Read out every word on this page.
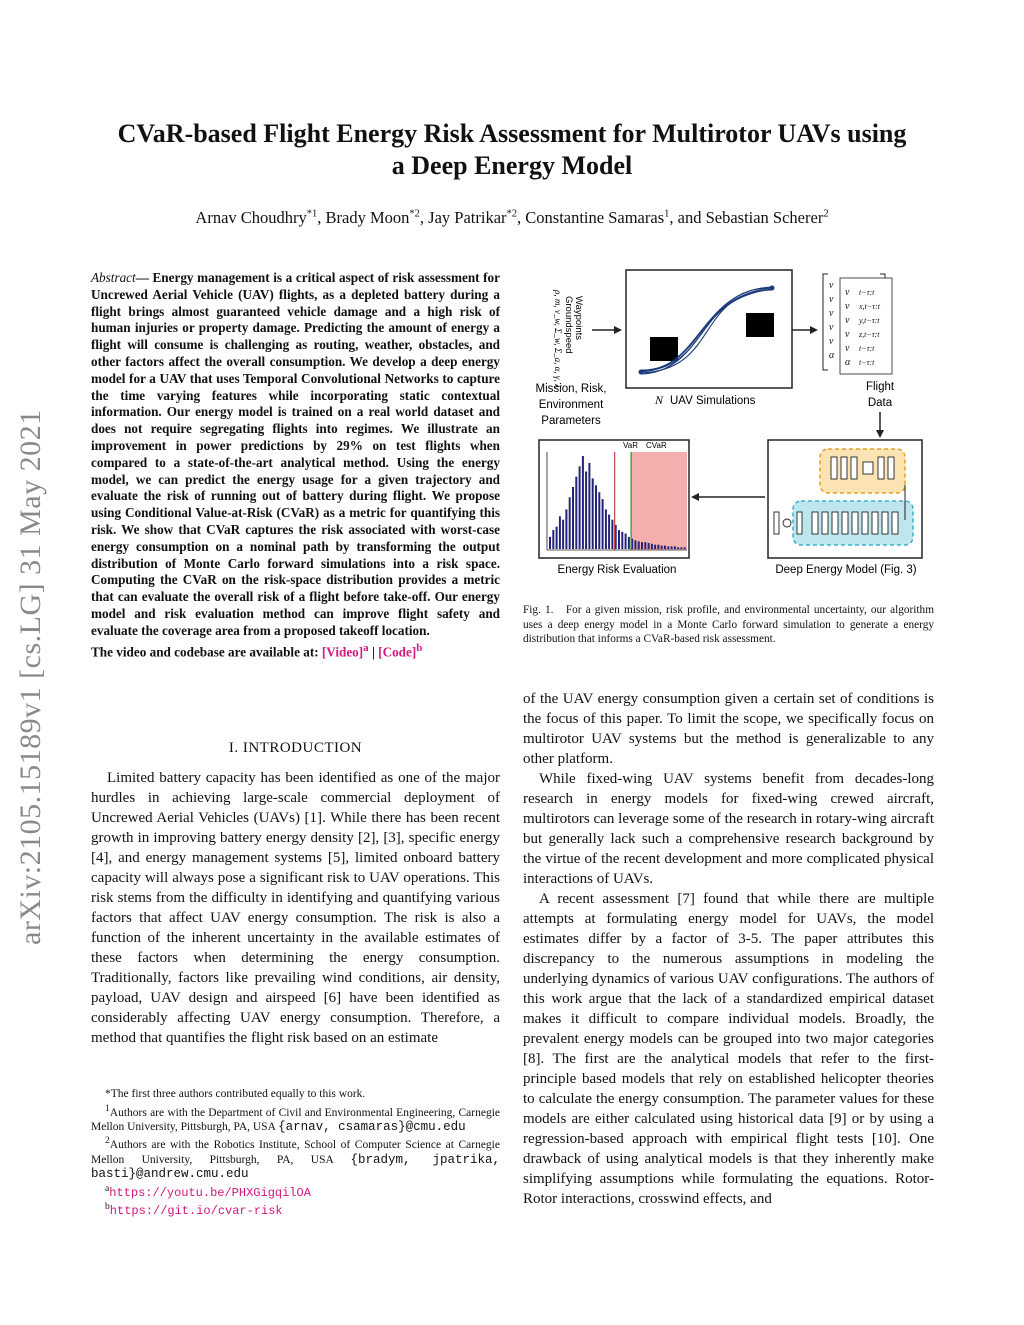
arXiv:2105.15189v1 [cs.LG] 31 May 2021
CVaR-based Flight Energy Risk Assessment for Multirotor UAVs using
a Deep Energy Model
Arnav Choudhry$^{*1}$, Brady Moon$^{*2}$, Jay Patrikar$^{*2}$, Constantine Samaras$^1$, and Sebastian Scherer$^2$
Abstract— Energy management is a critical aspect of risk assessment for Uncrewed Aerial Vehicle (UAV) flights, as a depleted battery during a flight brings almost guaranteed vehicle damage and a high risk of human injuries or property damage. Predicting the amount of energy a flight will consume is challenging as routing, weather, obstacles, and other factors affect the overall consumption. We develop a deep energy model for a UAV that uses Temporal Convolutional Networks to capture the time varying features while incorporating static contextual information. Our energy model is trained on a real world dataset and does not require segregating flights into regimes. We illustrate an improvement in power predictions by 29% on test flights when compared to a state-of-the-art analytical method. Using the energy model, we can predict the energy usage for a given trajectory and evaluate the risk of running out of battery during flight. We propose using Conditional Value-at-Risk (CVaR) as a metric for quantifying this risk. We show that CVaR captures the risk associated with worst-case energy consumption on a nominal path by transforming the output distribution of Monte Carlo forward simulations into a risk space. Computing the CVaR on the risk-space distribution provides a metric that can evaluate the overall risk of a flight before take-off. Our energy model and risk evaluation method can improve flight safety and evaluate the coverage area from a proposed takeoff location.
The video and codebase are available at: [Video]$^a$ | [Code]$^b$
I. INTRODUCTION

Limited battery capacity has been identified as one of the major hurdles in achieving large-scale commercial deployment of Uncrewed Aerial Vehicles (UAVs) [1]. While there has been recent growth in improving battery energy density [2], [3], specific energy [4], and energy management systems [5], limited onboard battery capacity will always pose a significant risk to UAV operations. This risk stems from the difficulty in identifying and quantifying various factors that affect UAV energy consumption. The risk is also a function of the inherent uncertainty in the available estimates of these factors when determining the energy consumption. Traditionally, factors like prevailing wind conditions, air density, payload, UAV design and airspeed [6] have been identified as considerably affecting UAV energy consumption. Therefore, a method that quantifies the flight risk based on an estimate

*The first three authors contributed equally to this work.

$^1$Authors are with the Department of Civil and Environmental Engineering, Carnegie Mellon University, Pittsburgh, PA, USA {arnav, csamaras}@cmu.edu

$^2$Authors are with the Robotics Institute, School of Computer Science at Carnegie Mellon University, Pittsburgh, PA, USA {bradym, jpatrika, basti}@andrew.cmu.edu

$^a$https://youtu.be/PHXGigqilOA

$^b$https://git.io/cvar-risk

Waypoints
Groundspeed
ρ, m, v_w, Σ_w, Σ_a, α, γ, λ
Mission, Risk,
Environment
Parameters
N UAV Simulations
v
v
v
v
v
α
v
v
v
v
v
α
t−τ:t
x,t−τ:t
y,t−τ:t
z,t−τ:t
t−τ:t
t−τ:t
Flight
Data
VaR CVaR
Energy Risk Evaluation	Deep Energy Model (Fig. 3)
Fig. 1. For a given mission, risk profile, and environmental uncertainty, our algorithm uses a deep energy model in a Monte Carlo forward simulation to generate a energy distribution that informs a CVaR-based risk assessment.

of the UAV energy consumption given a certain set of conditions is the focus of this paper. To limit the scope, we specifically focus on multirotor UAV systems but the method is generalizable to any other platform.

While fixed-wing UAV systems benefit from decades-long research in energy models for fixed-wing crewed aircraft, multirotors can leverage some of the research in rotary-wing aircraft but generally lack such a comprehensive research background by the virtue of the recent development and more complicated physical interactions of UAVs.

A recent assessment [7] found that while there are multiple attempts at formulating energy model for UAVs, the model estimates differ by a factor of 3-5. The paper attributes this discrepancy to the numerous assumptions in modeling the underlying dynamics of various UAV configurations. The authors of this work argue that the lack of a standardized empirical dataset makes it difficult to compare individual models. Broadly, the prevalent energy models can be grouped into two major categories [8]. The first are the analytical models that refer to the first-principle based models that rely on established helicopter theories to calculate the energy consumption. The parameter values for these models are either calculated using historical data [9] or by using a regression-based approach with empirical flight tests [10]. One drawback of using analytical models is that they inherently make simplifying assumptions while formulating the equations. Rotor-Rotor interactions, crosswind effects, and
